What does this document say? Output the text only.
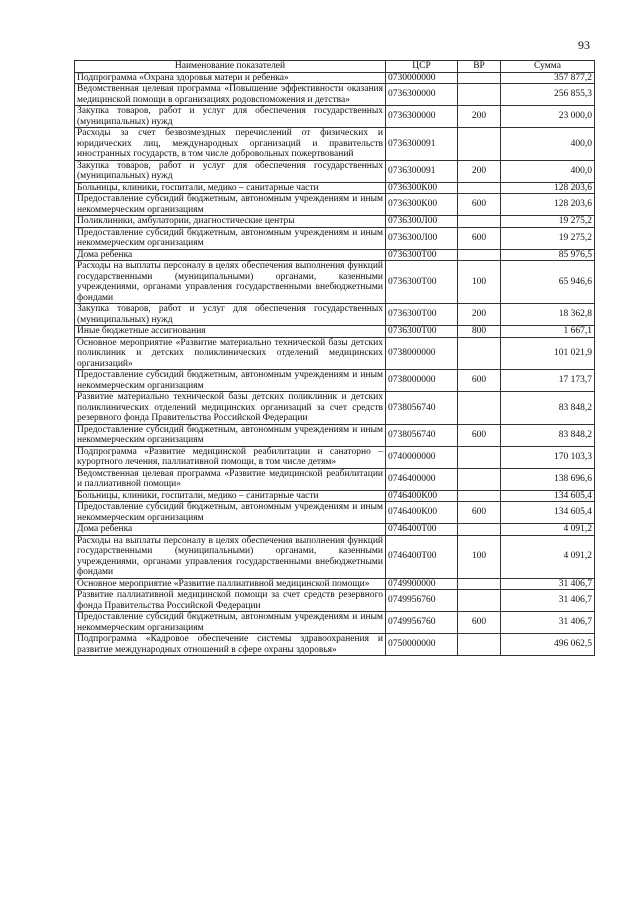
93
Наименование показателей	ЦСР	ВР	Сумма
Подпрограмма «Охрана здоровья матери и ребенка»	0730000000		357 877,2
Ведомственная целевая программа «Повышение эффективности оказания медицинской помощи в организациях родовспоможения и детства»	0736300000		256 855,3
Закупка товаров, работ и услуг для обеспечения государственных (муниципальных) нужд	0736300000	200	23 000,0
Расходы за счет безвозмездных перечислений от физических и юридических лиц, международных организаций и правительств иностранных государств, в том числе добровольных пожертвований	0736300091		400,0
Закупка товаров, работ и услуг для обеспечения государственных (муниципальных) нужд	0736300091	200	400,0
Больницы, клиники, госпитали, медико – санитарные части	0736300К00		128 203,6
Предоставление субсидий бюджетным, автономным учреждениям и иным некоммерческим организациям	0736300К00	600	128 203,6
Поликлиники, амбулатории, диагностические центры	0736300Л00		19 275,2
Предоставление субсидий бюджетным, автономным учреждениям и иным некоммерческим организациям	0736300Л00	600	19 275,2
Дома ребенка	0736300Т00		85 976,5
Расходы на выплаты персоналу в целях обеспечения выполнения функций государственными (муниципальными) органами, казенными учреждениями, органами управления государственными внебюджетными фондами	0736300Т00	100	65 946,6
Закупка товаров, работ и услуг для обеспечения государственных (муниципальных) нужд	0736300Т00	200	18 362,8
Иные бюджетные ассигнования	0736300Т00	800	1 667,1
Основное мероприятие «Развитие материально технической базы детских поликлиник и детских поликлинических отделений медицинских организаций»	0738000000		101 021,9
Предоставление субсидий бюджетным, автономным учреждениям и иным некоммерческим организациям	0738000000	600	17 173,7
Развитие материально технической базы детских поликлиник и детских поликлинических отделений медицинских организаций за счет средств резервного фонда Правительства Российской Федерации	0738056740		83 848,2
Предоставление субсидий бюджетным, автономным учреждениям и иным некоммерческим организациям	0738056740	600	83 848,2
Подпрограмма «Развитие медицинской реабилитации и санаторно – курортного лечения, паллиативной помощи, в том числе детям»	0740000000		170 103,3
Ведомственная целевая программа «Развитие медицинской реабилитации и паллиативной помощи»	0746400000		138 696,6
Больницы, клиники, госпитали, медико – санитарные части	0746400К00		134 605,4
Предоставление субсидий бюджетным, автономным учреждениям и иным некоммерческим организациям	0746400К00	600	134 605,4
Дома ребенка	0746400Т00		4 091,2
Расходы на выплаты персоналу в целях обеспечения выполнения функций государственными (муниципальными) органами, казенными учреждениями, органами управления государственными внебюджетными фондами	0746400Т00	100	4 091,2
Основное мероприятие «Развитие паллиативной медицинской помощи»	0749900000		31 406,7
Развитие паллиативной медицинской помощи за счет средств резервного фонда Правительства Российской Федерации	0749956760		31 406,7
Предоставление субсидий бюджетным, автономным учреждениям и иным некоммерческим организациям	0749956760	600	31 406,7
Подпрограмма «Кадровое обеспечение системы здравоохранения и развитие международных отношений в сфере охраны здоровья»	0750000000		496 062,5
